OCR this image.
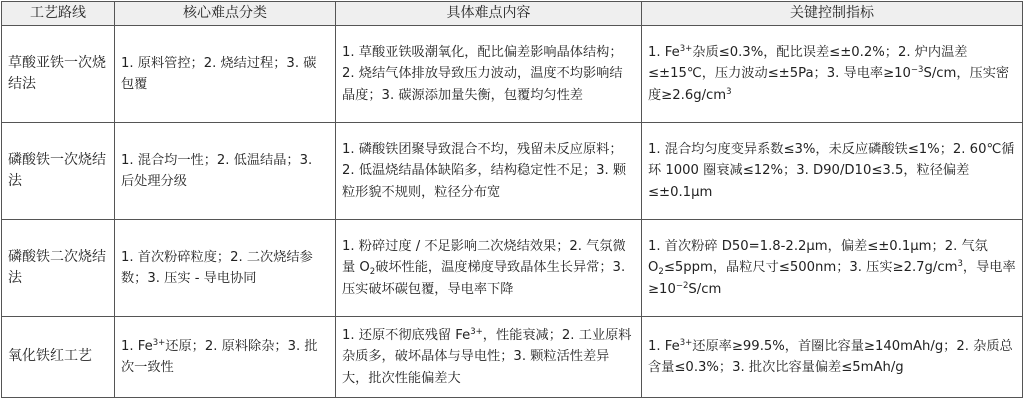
工艺路线	核心难点分类	具体难点内容	关键控制指标
草酸亚铁一次烧结法	1. 原料管控；2. 烧结过程；3. 碳包覆	1. 草酸亚铁吸潮氧化，配比偏差影响晶体结构；2. 烧结气体排放导致压力波动，温度不均影响结晶度；3. 碳源添加量失衡，包覆均匀性差	1. $Fe^{3+}$杂质≤0.3%，配比误差≤±0.2%；2. 炉内温差≤±15℃，压力波动≤±5Pa；3. 导电率$\ge 10^{-3}S/cm$，压实密度$\ge 2.6g/cm^3$
磷酸铁一次烧结法	1. 混合均一性；2. 低温结晶；3. 后处理分级	1. 磷酸铁团聚导致混合不均，残留未反应原料；2. 低温烧结晶体缺陷多，结构稳定性不足；3. 颗粒形貌不规则，粒径分布宽	1. 混合均匀度变异系数≤3%，未反应磷酸铁≤1%；2. 60℃循环 1000 圈衰减≤12%；3. D90/D10≤3.5，粒径偏差≤±0.1μm
磷酸铁二次烧结法	1. 首次粉碎粒度；2. 二次烧结参数；3. 压实 - 导电协同	1. 粉碎过度 / 不足影响二次烧结效果；2. 气氛微量 $O_2$破坏性能，温度梯度导致晶体生长异常；3. 压实破坏碳包覆，导电率下降	1. 首次粉碎 D50=1.8-2.2μm，偏差≤±0.1μm；2. 气氛 $O_2\le 5ppm$，晶粒尺寸≤500nm；3. 压实$\ge 2.7g/cm^3$，导电率$\ge 10^{-2}S/cm$
氧化铁红工艺	1. $Fe^{3+}$还原；2. 原料除杂；3. 批次一致性	1. 还原不彻底残留 $Fe^{3+}$，性能衰减；2. 工业原料杂质多，破坏晶体与导电性；3. 颗粒活性差异大，批次性能偏差大	1. $Fe^{3+}$还原率≥99.5%，首圈比容量≥140mAh/g；2. 杂质总含量≤0.3%；3. 批次比容量偏差≤5mAh/g
